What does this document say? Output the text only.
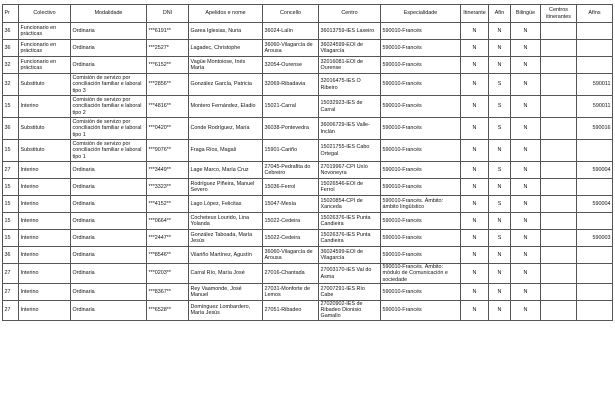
Pr	Colectivo	Modalidade	DNI	Apelidos e nome	Concello	Centro	Especialidade	Itinerante	Afín	Bilingüe	Centros itinerantes	Afíns
36	Funcionario en prácticas	Ordinaria	***6191**	Garea Iglesias, Nuria	36024-Lalín	36013759-IES Laxeiro	590010-Francés	N	N	N		
36	Funcionario en prácticas	Ordinaria	***2527*	Lagadec, Christophe	36060-Vilagarcía de Arousa	36024599-EOI de Vilagarcía	590010-Francés	N	N	N		
32	Funcionario en prácticas	Ordinaria	***6152**	Vagüe Montoiose, Inés María	32054-Ourense	32016081-EOI de Ourense	590010-Francés	N	N	N		
32	Substituto	Comisión de servizo por conciliación familiar e laboral tipo 3	***2856**	González García, Patricia	32069-Ribadavia	32016475-IES O Ribeiro	590010-Francés	N	S	N		590011
15	Interino	Comisión de servizo por conciliación familiar e laboral tipo 2	***4816**	Montero Fernández, Eladio	15021-Carral	15032923-IES de Carral	590010-Francés	N	S	N		590011
36	Substituto	Comisión de servizo por conciliación familiar e laboral tipo 1	***0420**	Conde Rodríguez, María	36038-Pontevedra	36006729-IES Valle-Inclán	590010-Francés	N	S	N		590016
15	Substituto	Comisión de servizo por conciliación familiar e laboral tipo 1	***9076**	Fraga Ríos, Magali	15901-Cariño	15021755-IES Cabo Ortegal	590010-Francés	N	N	N		
27	Interino	Ordinaria	***3449**	Lage Marco, María Cruz	27045-Pedrafita do Cebreiro	27019967-CPI Uxío Novoneyra	590010-Francés	N	S	N		590004
15	Interino	Ordinaria	***3323**	Rodríguez Piñeira, Manuel Severo	15036-Ferrol	15026546-EOI de Ferrol	590010-Francés	N	N	N		
15	Interino	Ordinaria	***4152**	Lago López, Felicitas	15047-Mesía	15020854-CPI de Xanceda	590010-Francés. Ámbito: ámbito lingüístico	N	S	N		590004
15	Interino	Ordinaria	***0664**	Cocheteux Lourido, Lina Yolanda	15022-Cedeira	15026376-IES Punta Candieira	590010-Francés	N	N	N		
15	Interino	Ordinaria	***2447**	González Taboada, María Jesús	15022-Cedeira	15026376-IES Punta Candieira	590010-Francés	N	S	N		590003
36	Interino	Ordinaria	***8546**	Vilariño Martínez, Agustín	36060-Vilagarcía de Arousa	36024599-EOI de Vilagarcía	590010-Francés	N	N	N		
27	Interino	Ordinaria	***0203**	Carral Río, María José	27016-Chantada	27003170-IES Val do Asma	590010-Francés. Ámbito: módulo de Comunicación e sociedade	N	N	N		
27	Interino	Ordinaria	***8367**	Rey Vaamonde, José Manuel	27031-Monforte de Lemos	27007291-IES Río Cabe	590010-Francés	N	N	N		
27	Interino	Ordinaria	***6528**	Domínguez Lombardero, María Jesús	27051-Ribadeo	27020902-IES de Ribadeo Dionisio Gamallo	590010-Francés	N	N	N		
